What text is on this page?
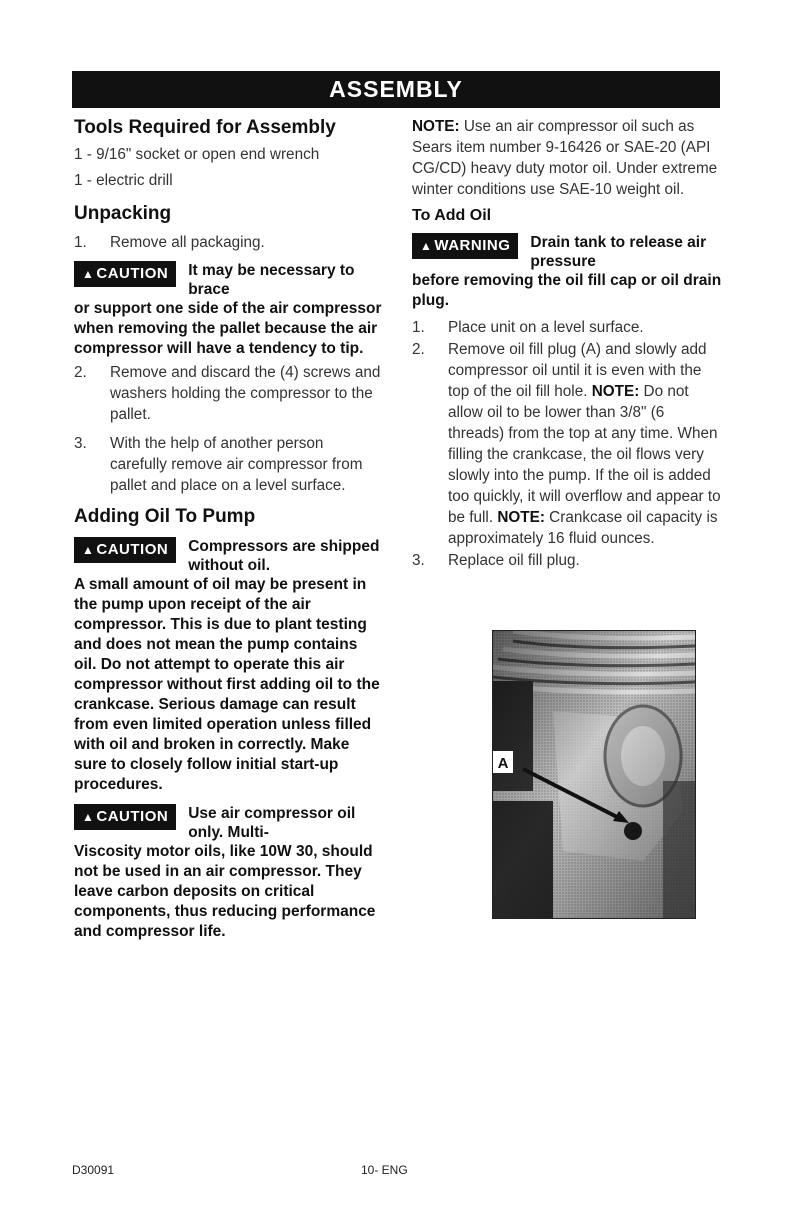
ASSEMBLY
Tools Required for Assembly

1 - 9/16" socket or open end wrench

1 - electric drill

Unpacking
1.	Remove all packaging.
▲ CAUTION	It may be necessary to brace
or support one side of the air compressor when removing the pallet because the air compressor will have a tendency to tip.
2.	Remove and discard the (4) screws and washers holding the compressor to the pallet.
3.	With the help of another person carefully remove air compressor from pallet and place on a level surface.
Adding Oil To Pump
▲ CAUTION	Compressors are shipped without oil.
A small amount of oil may be present in the pump upon receipt of the air compressor. This is due to plant testing and does not mean the pump contains oil. Do not attempt to operate this air compressor without first adding oil to the crankcase. Serious damage can result from even limited operation unless filled with oil and broken in correctly. Make sure to closely follow initial start-up procedures.
▲ CAUTION	Use air compressor oil only. Multi-
Viscosity motor oils, like 10W 30, should not be used in an air compressor. They leave carbon deposits on critical components, thus reducing performance and compressor life.

NOTE: Use an air compressor oil such as Sears item number 9-16426 or SAE-20 (API CG/CD) heavy duty motor oil. Under extreme winter conditions use SAE-10 weight oil.

To Add Oil
▲ WARNING	Drain tank to release air pressure
before removing the oil fill cap or oil drain plug.
1.	Place unit on a level surface.
2.	Remove oil fill plug (A) and slowly add compressor oil until it is even with the top of the oil fill hole. NOTE: Do not allow oil to be lower than 3/8" (6 threads) from the top at any time. When filling the crankcase, the oil flows very slowly into the pump. If the oil is added too quickly, it will overflow and appear to be full. NOTE: Crankcase oil capacity is approximately 16 fluid ounces.
3.	Replace oil fill plug.
A
D30091	10- ENG
